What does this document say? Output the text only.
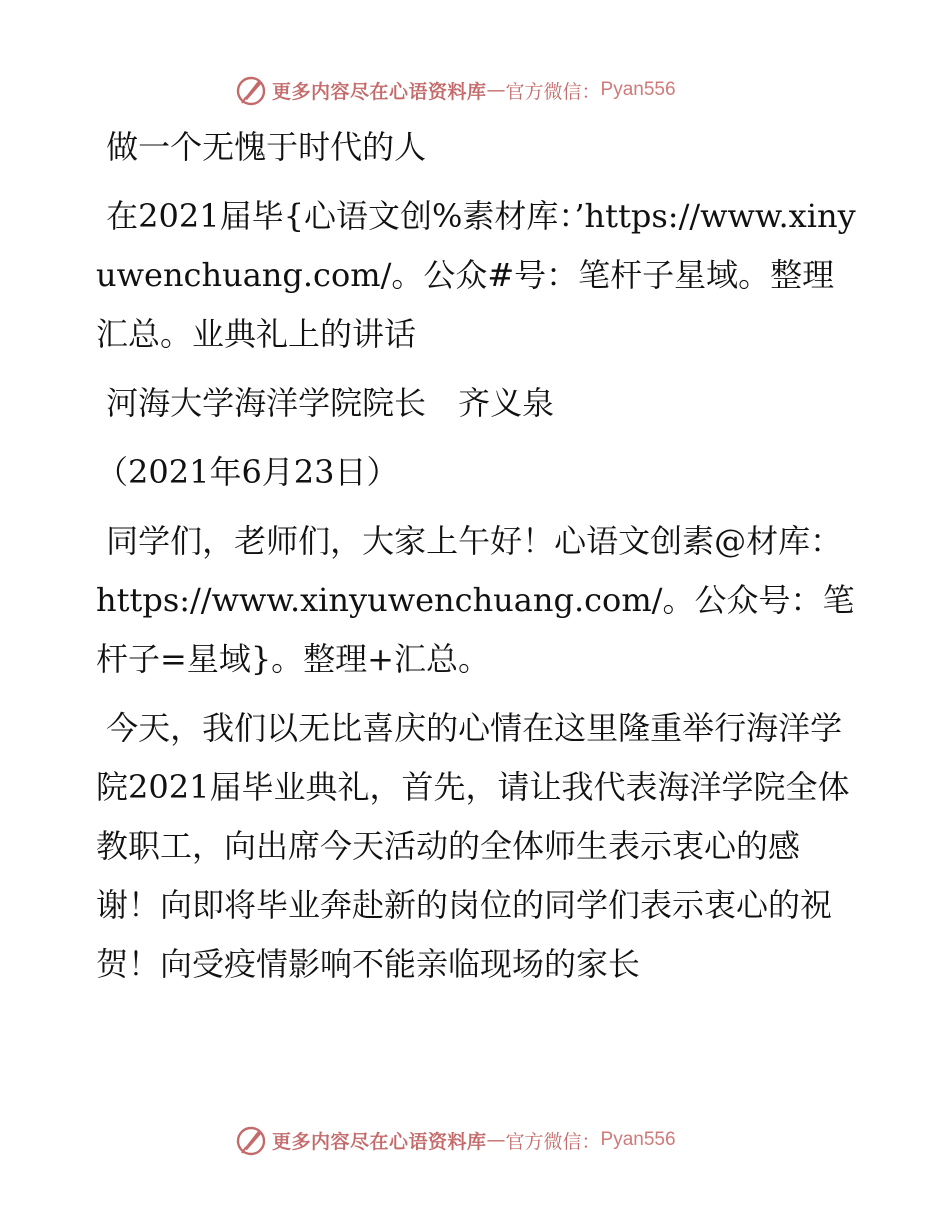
更多内容尽在心语资料库 — 官方微信： Pyan556

做一个无愧于时代的人

在2021届毕{心语文创%素材库：’https://www.xinyuwenchuang.com/。公众#号：笔杆子星域。整理汇总。业典礼上的讲话

河海大学海洋学院院长　齐义泉

（2021年6月23日）

同学们，老师们，大家上午好！心语文创素@材库：https://www.xinyuwenchuang.com/。公众号：笔杆子=星域}。整理+汇总。

今天，我们以无比喜庆的心情在这里隆重举行海洋学院2021届毕业典礼，首先，请让我代表海洋学院全体教职工，向出席今天活动的全体师生表示衷心的感谢！向即将毕业奔赴新的岗位的同学们表示衷心的祝贺！向受疫情影响不能亲临现场的家长

更多内容尽在心语资料库 — 官方微信： Pyan556
